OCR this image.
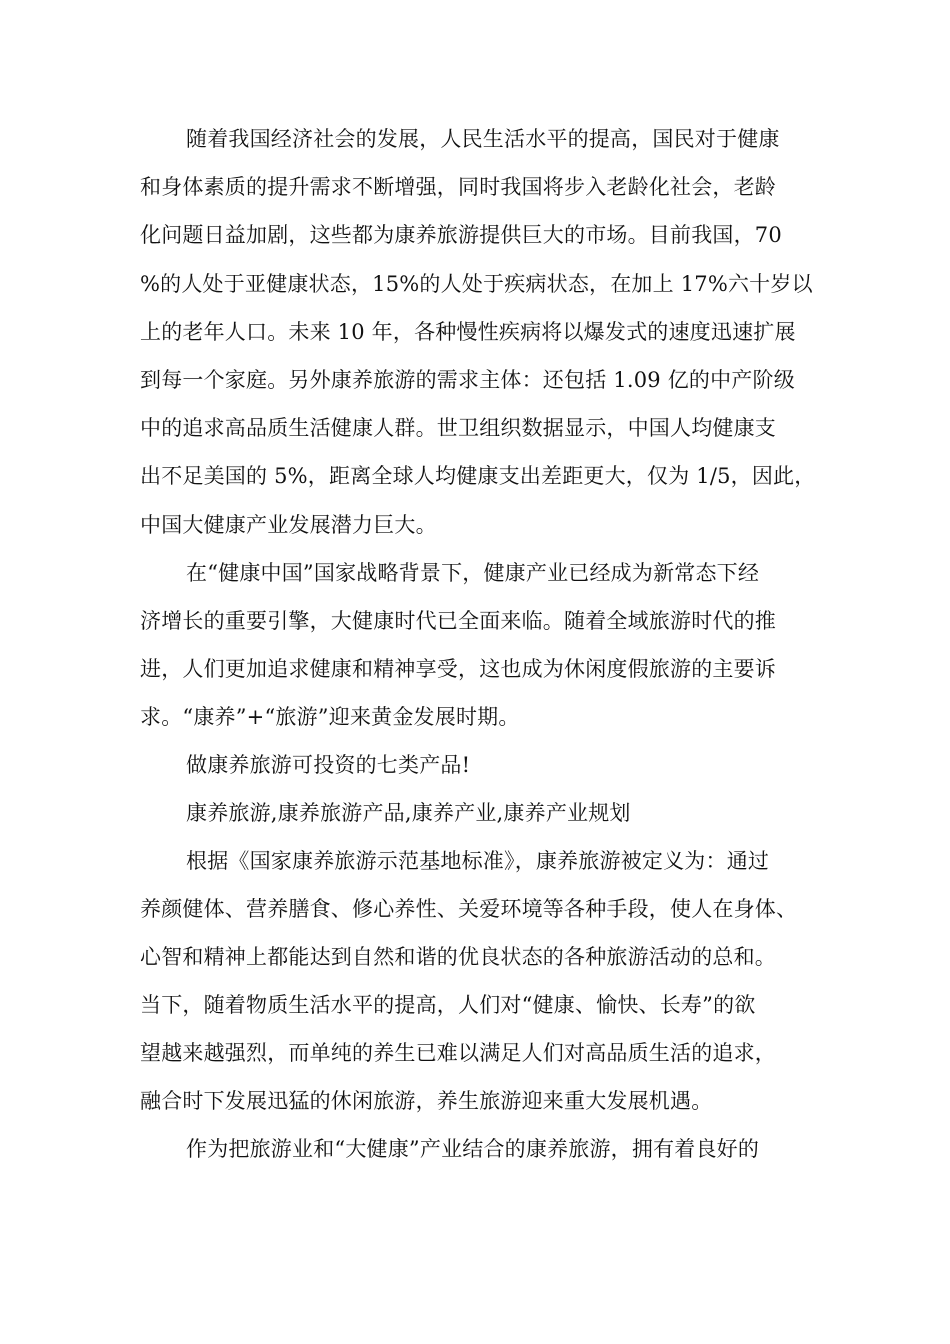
随着我国经济社会的发展，人民生活水平的提高，国民对于健康
和身体素质的提升需求不断增强，同时我国将步入老龄化社会，老龄
化问题日益加剧，这些都为康养旅游提供巨大的市场。目前我国，70
%的人处于亚健康状态，15%的人处于疾病状态，在加上 17%六十岁以
上的老年人口。未来 10 年，各种慢性疾病将以爆发式的速度迅速扩展
到每一个家庭。另外康养旅游的需求主体：还包括 1.09 亿的中产阶级
中的追求高品质生活健康人群。世卫组织数据显示，中国人均健康支
出不足美国的 5%，距离全球人均健康支出差距更大，仅为 1/5，因此，
中国大健康产业发展潜力巨大。
在“健康中国”国家战略背景下，健康产业已经成为新常态下经
济增长的重要引擎，大健康时代已全面来临。随着全域旅游时代的推
进，人们更加追求健康和精神享受，这也成为休闲度假旅游的主要诉
求。“康养”+“旅游”迎来黄金发展时期。
做康养旅游可投资的七类产品!
康养旅游,康养旅游产品,康养产业,康养产业规划
根据《国家康养旅游示范基地标准》，康养旅游被定义为：通过
养颜健体、营养膳食、修心养性、关爱环境等各种手段，使人在身体、
心智和精神上都能达到自然和谐的优良状态的各种旅游活动的总和。
当下，随着物质生活水平的提高，人们对“健康、愉快、长寿”的欲
望越来越强烈，而单纯的养生已难以满足人们对高品质生活的追求，
融合时下发展迅猛的休闲旅游，养生旅游迎来重大发展机遇。
作为把旅游业和“大健康”产业结合的康养旅游，拥有着良好的
